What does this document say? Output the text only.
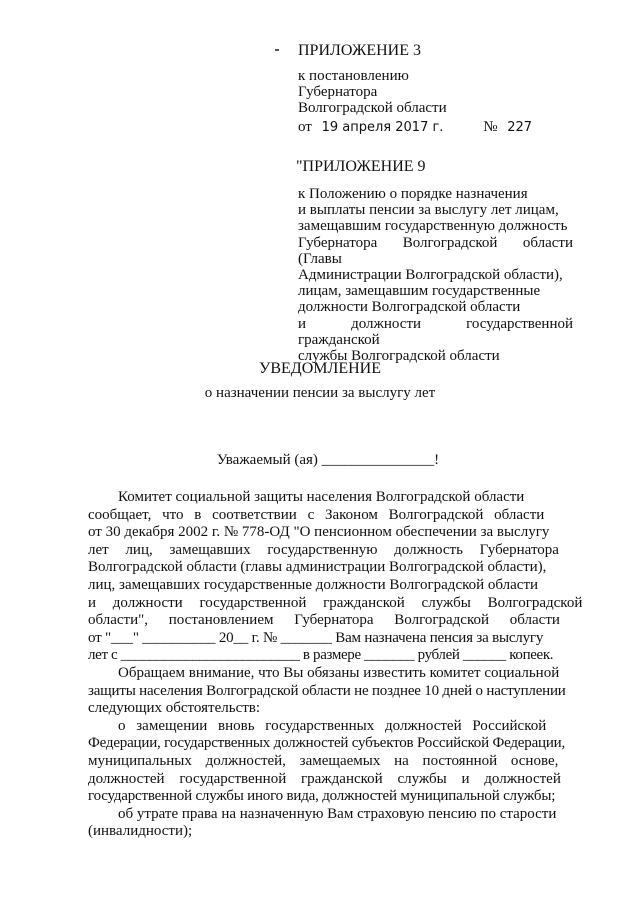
ПРИЛОЖЕНИЕ 3
к постановлению
Губернатора
Волгоградской области
от 19 апреля 2017 г.	№ 227
"ПРИЛОЖЕНИЕ 9
к Положению о порядке назначения
и выплаты пенсии за выслугу лет лицам,
замещавшим государственную должность
Губернатора Волгоградской области (Главы
Администрации Волгоградской области),
лицам, замещавшим государственные
должности Волгоградской области
и должности государственной гражданской
службы Волгоградской области
УВЕДОМЛЕНИЕ
о назначении пенсии за выслугу лет
Уважаемый (ая) _______________!
Комитет социальной защиты населения Волгоградской области
сообщает, что в соответствии с Законом Волгоградской области
от 30 декабря 2002 г. № 778-ОД "О пенсионном обеспечении за выслугу
лет лиц, замещавших государственную должность Губернатора
Волгоградской области (главы администрации Волгоградской области),
лиц, замещавших государственные должности Волгоградской области
и должности государственной гражданской службы Волгоградской
области", постановлением Губернатора Волгоградской области
от "___" __________ 20__ г. № _______ Вам назначена пенсия за выслугу
лет с _________________________ в размере _______ рублей ______ копеек.
Обращаем внимание, что Вы обязаны известить комитет социальной
защиты населения Волгоградской области не позднее 10 дней о наступлении
следующих обстоятельств:
о замещении вновь государственных должностей Российской
Федерации, государственных должностей субъектов Российской Федерации,
муниципальных должностей, замещаемых на постоянной основе,
должностей государственной гражданской службы и должностей
государственной службы иного вида, должностей муниципальной службы;
об утрате права на назначенную Вам страховую пенсию по старости
(инвалидности);
